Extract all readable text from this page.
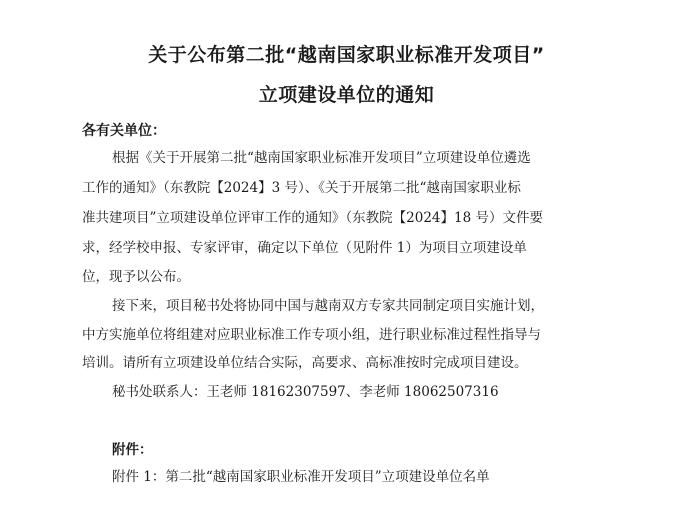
关于公布第二批“越南国家职业标准开发项目”
立项建设单位的通知
各有关单位：
根据《关于开展第二批“越南国家职业标准开发项目”立项建设单位遴选
工作的通知》（东教院【2024】3 号）、《关于开展第二批“越南国家职业标
准共建项目”立项建设单位评审工作的通知》（东教院【2024】18 号）文件要
求，经学校申报、专家评审，确定以下单位（见附件 1）为项目立项建设单
位，现予以公布。
接下来，项目秘书处将协同中国与越南双方专家共同制定项目实施计划，
中方实施单位将组建对应职业标准工作专项小组，进行职业标准过程性指导与
培训。请所有立项建设单位结合实际，高要求、高标准按时完成项目建设。
秘书处联系人：王老师 18162307597、李老师 18062507316
附件：
附件 1：第二批“越南国家职业标准开发项目”立项建设单位名单
